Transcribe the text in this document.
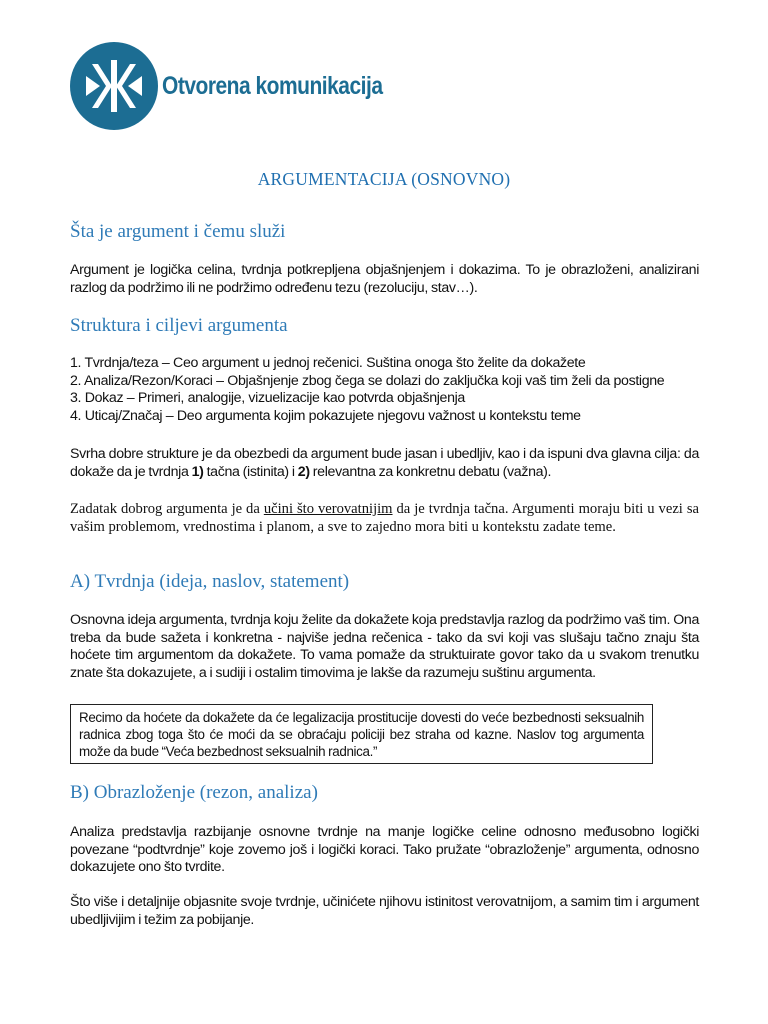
Otvorena komunikacija
ARGUMENTACIJA (OSNOVNO)
Šta je argument i čemu služi
Argument je logička celina, tvrdnja potkrepljena objašnjenjem i dokazima. To je obrazloženi, analizirani razlog da podržimo ili ne podržimo određenu tezu (rezoluciju, stav…).
Struktura i ciljevi argumenta
1. Tvrdnja/teza – Ceo argument u jednoj rečenici. Suština onoga što želite da dokažete
2. Analiza/Rezon/Koraci – Objašnjenje zbog čega se dolazi do zaključka koji vaš tim želi da postigne
3. Dokaz – Primeri, analogije, vizuelizacije kao potvrda objašnjenja
4. Uticaj/Značaj – Deo argumenta kojim pokazujete njegovu važnost u kontekstu teme
Svrha dobre strukture je da obezbedi da argument bude jasan i ubedljiv, kao i da ispuni dva glavna cilja: da dokaže da je tvrdnja 1) tačna (istinita) i 2) relevantna za konkretnu debatu (važna).
Zadatak dobrog argumenta je da učini što verovatnijim da je tvrdnja tačna. Argumenti moraju biti u vezi sa vašim problemom, vrednostima i planom, a sve to zajedno mora biti u kontekstu zadate teme.
A) Tvrdnja (ideja, naslov, statement)
Osnovna ideja argumenta, tvrdnja koju želite da dokažete koja predstavlja razlog da podržimo vaš tim. Ona treba da bude sažeta i konkretna - najviše jedna rečenica - tako da svi koji vas slušaju tačno znaju šta hoćete tim argumentom da dokažete. To vama pomaže da struktuirate govor tako da u svakom trenutku znate šta dokazujete, a i sudiji i ostalim timovima je lakše da razumeju suštinu argumenta.
Recimo da hoćete da dokažete da će legalizacija prostitucije dovesti do veće bezbednosti seksualnih radnica zbog toga što će moći da se obraćaju policiji bez straha od kazne. Naslov tog argumenta može da bude “Veća bezbednost seksualnih radnica.”
B) Obrazloženje (rezon, analiza)
Analiza predstavlja razbijanje osnovne tvrdnje na manje logičke celine odnosno međusobno logički povezane “podtvrdnje” koje zovemo još i logički koraci. Tako pružate “obrazloženje” argumenta, odnosno dokazujete ono što tvrdite.
Što više i detaljnije objasnite svoje tvrdnje, učinićete njihovu istinitost verovatnijom, a samim tim i argument ubedljivijim i težim za pobijanje.
